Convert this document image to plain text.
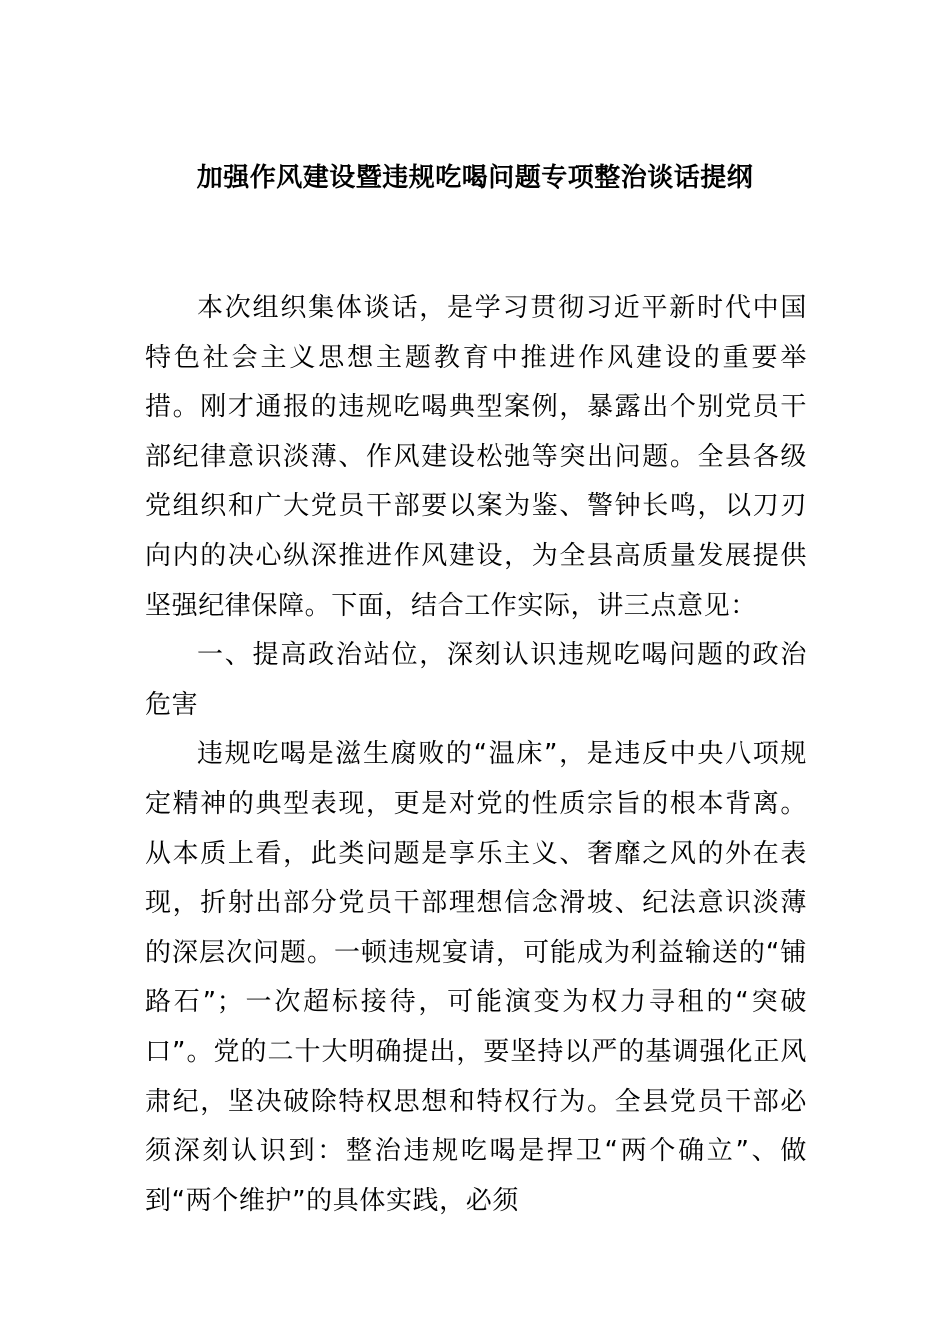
加强作风建设暨违规吃喝问题专项整治谈话提纲

本次组织集体谈话，是学习贯彻习近平新时代中国特色社会主义思想主题教育中推进作风建设的重要举措。刚才通报的违规吃喝典型案例，暴露出个别党员干部纪律意识淡薄、作风建设松弛等突出问题。全县各级党组织和广大党员干部要以案为鉴、警钟长鸣，以刀刃向内的决心纵深推进作风建设，为全县高质量发展提供坚强纪律保障。下面，结合工作实际，讲三点意见：

一、提高政治站位，深刻认识违规吃喝问题的政治危害

违规吃喝是滋生腐败的“温床”，是违反中央八项规定精神的典型表现，更是对党的性质宗旨的根本背离。从本质上看，此类问题是享乐主义、奢靡之风的外在表现，折射出部分党员干部理想信念滑坡、纪法意识淡薄的深层次问题。一顿违规宴请，可能成为利益输送的“铺路石”；一次超标接待，可能演变为权力寻租的“突破口”。党的二十大明确提出，要坚持以严的基调强化正风肃纪，坚决破除特权思想和特权行为。全县党员干部必须深刻认识到：整治违规吃喝是捍卫“两个确立”、做到“两个维护”的具体实践，必须
